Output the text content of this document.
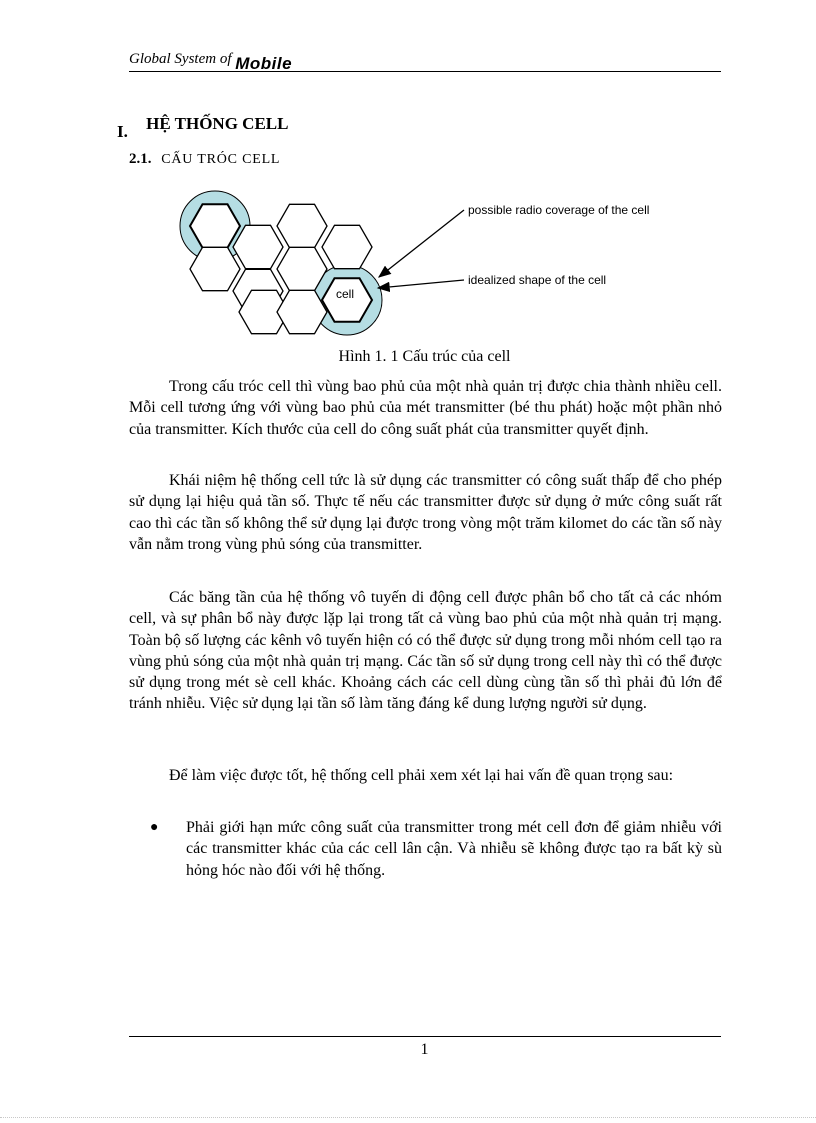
Global System of Mobile
I. HỆ THỐNG CELL
2.1. CẤU TRÓC CELL
cell
possible radio coverage of the cell
idealized shape of the cell
Hình 1. 1 Cấu trúc của cell

Trong cấu tróc cell thì vùng bao phủ của một nhà quản trị được chia thành nhiều cell. Mỗi cell tương ứng với vùng bao phủ của mét transmitter (bé thu phát) hoặc một phần nhỏ của transmitter. Kích thước của cell do công suất phát của transmitter quyết định.

Khái niệm hệ thống cell tức là sử dụng các transmitter có công suất thấp để cho phép sử dụng lại hiệu quả tần số. Thực tế nếu các transmitter được sử dụng ở mức công suất rất cao thì các tần số không thể sử dụng lại được trong vòng một trăm kilomet do các tần số này vẫn nằm trong vùng phủ sóng của transmitter.

Các băng tần của hệ thống vô tuyến di động cell được phân bổ cho tất cả các nhóm cell, và sự phân bổ này được lặp lại trong tất cả vùng bao phủ của một nhà quản trị mạng. Toàn bộ số lượng các kênh vô tuyến hiện có có thể được sử dụng trong mỗi nhóm cell tạo ra vùng phủ sóng của một nhà quản trị mạng. Các tần số sử dụng trong cell này thì có thể được sử dụng trong mét sè cell khác. Khoảng cách các cell dùng cùng tần số thì phải đủ lớn để tránh nhiễu. Việc sử dụng lại tần số làm tăng đáng kể dung lượng người sử dụng.

Để làm việc được tốt, hệ thống cell phải xem xét lại hai vấn đề quan trọng sau:

● Phải giới hạn mức công suất của transmitter trong mét cell đơn để giảm nhiễu với các transmitter khác của các cell lân cận. Và nhiễu sẽ không được tạo ra bất kỳ sù hỏng hóc nào đối với hệ thống.
1
